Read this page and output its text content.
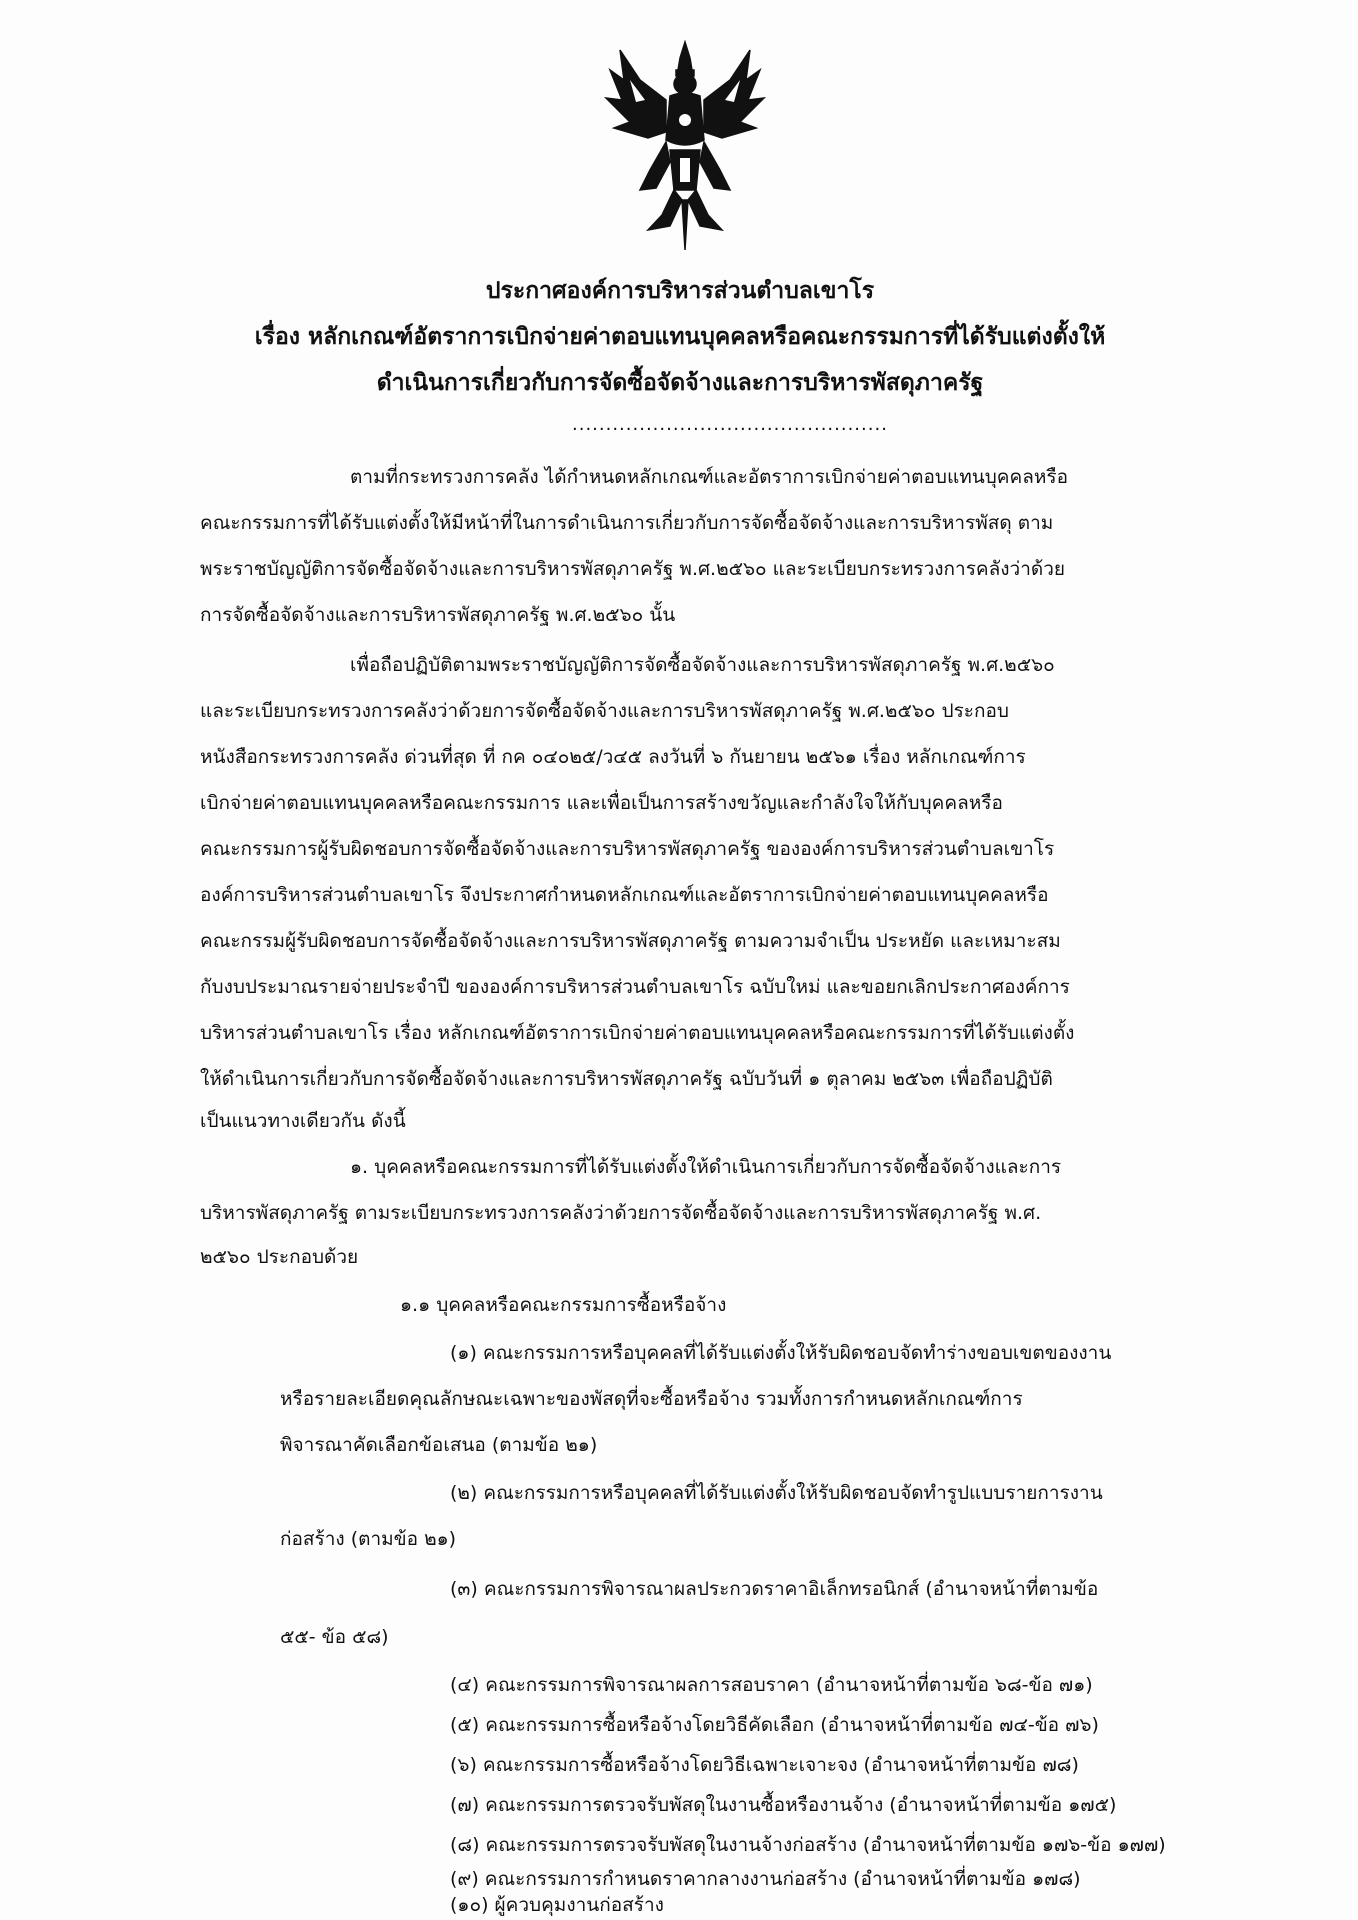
ประกาศองค์การบริหารส่วนตำบลเขาโร
เรื่อง หลักเกณฑ์อัตราการเบิกจ่ายค่าตอบแทนบุคคลหรือคณะกรรมการที่ได้รับแต่งตั้งให้
ดำเนินการเกี่ยวกับการจัดซื้อจัดจ้างและการบริหารพัสดุภาครัฐ
...............................................
ตามที่กระทรวงการคลัง ได้กำหนดหลักเกณฑ์และอัตราการเบิกจ่ายค่าตอบแทนบุคคลหรือ
คณะกรรมการที่ได้รับแต่งตั้งให้มีหน้าที่ในการดำเนินการเกี่ยวกับการจัดซื้อจัดจ้างและการบริหารพัสดุ ตาม
พระราชบัญญัติการจัดซื้อจัดจ้างและการบริหารพัสดุภาครัฐ พ.ศ.๒๕๖๐ และระเบียบกระทรวงการคลังว่าด้วย
การจัดซื้อจัดจ้างและการบริหารพัสดุภาครัฐ พ.ศ.๒๕๖๐ นั้น
เพื่อถือปฏิบัติตามพระราชบัญญัติการจัดซื้อจัดจ้างและการบริหารพัสดุภาครัฐ พ.ศ.๒๕๖๐
และระเบียบกระทรวงการคลังว่าด้วยการจัดซื้อจัดจ้างและการบริหารพัสดุภาครัฐ พ.ศ.๒๕๖๐ ประกอบ
หนังสือกระทรวงการคลัง ด่วนที่สุด ที่ กค ๐๔๐๒๕/ว๔๕ ลงวันที่ ๖ กันยายน ๒๕๖๑ เรื่อง หลักเกณฑ์การ
เบิกจ่ายค่าตอบแทนบุคคลหรือคณะกรรมการ และเพื่อเป็นการสร้างขวัญและกำลังใจให้กับบุคคลหรือ
คณะกรรมการผู้รับผิดชอบการจัดซื้อจัดจ้างและการบริหารพัสดุภาครัฐ ขององค์การบริหารส่วนตำบลเขาโร
องค์การบริหารส่วนตำบลเขาโร จึงประกาศกำหนดหลักเกณฑ์และอัตราการเบิกจ่ายค่าตอบแทนบุคคลหรือ
คณะกรรมผู้รับผิดชอบการจัดซื้อจัดจ้างและการบริหารพัสดุภาครัฐ ตามความจำเป็น ประหยัด และเหมาะสม
กับงบประมาณรายจ่ายประจำปี ขององค์การบริหารส่วนตำบลเขาโร ฉบับใหม่ และขอยกเลิกประกาศองค์การ
บริหารส่วนตำบลเขาโร เรื่อง หลักเกณฑ์อัตราการเบิกจ่ายค่าตอบแทนบุคคลหรือคณะกรรมการที่ได้รับแต่งตั้ง
ให้ดำเนินการเกี่ยวกับการจัดซื้อจัดจ้างและการบริหารพัสดุภาครัฐ ฉบับวันที่ ๑ ตุลาคม ๒๕๖๓ เพื่อถือปฏิบัติ
เป็นแนวทางเดียวกัน ดังนี้
๑. บุคคลหรือคณะกรรมการที่ได้รับแต่งตั้งให้ดำเนินการเกี่ยวกับการจัดซื้อจัดจ้างและการ
บริหารพัสดุภาครัฐ ตามระเบียบกระทรวงการคลังว่าด้วยการจัดซื้อจัดจ้างและการบริหารพัสดุภาครัฐ พ.ศ.
๒๕๖๐ ประกอบด้วย
๑.๑ บุคคลหรือคณะกรรมการซื้อหรือจ้าง
(๑) คณะกรรมการหรือบุคคลที่ได้รับแต่งตั้งให้รับผิดชอบจัดทำร่างขอบเขตของงาน
หรือรายละเอียดคุณลักษณะเฉพาะของพัสดุที่จะซื้อหรือจ้าง รวมทั้งการกำหนดหลักเกณฑ์การ
พิจารณาคัดเลือกข้อเสนอ (ตามข้อ ๒๑)
(๒) คณะกรรมการหรือบุคคลที่ได้รับแต่งตั้งให้รับผิดชอบจัดทำรูปแบบรายการงาน
ก่อสร้าง (ตามข้อ ๒๑)
(๓) คณะกรรมการพิจารณาผลประกวดราคาอิเล็กทรอนิกส์ (อำนาจหน้าที่ตามข้อ
๕๕- ข้อ ๕๘)
(๔) คณะกรรมการพิจารณาผลการสอบราคา (อำนาจหน้าที่ตามข้อ ๖๘-ข้อ ๗๑)
(๕) คณะกรรมการซื้อหรือจ้างโดยวิธีคัดเลือก (อำนาจหน้าที่ตามข้อ ๗๔-ข้อ ๗๖)
(๖) คณะกรรมการซื้อหรือจ้างโดยวิธีเฉพาะเจาะจง (อำนาจหน้าที่ตามข้อ ๗๘)
(๗) คณะกรรมการตรวจรับพัสดุในงานซื้อหรืองานจ้าง (อำนาจหน้าที่ตามข้อ ๑๗๕)
(๘) คณะกรรมการตรวจรับพัสดุในงานจ้างก่อสร้าง (อำนาจหน้าที่ตามข้อ ๑๗๖-ข้อ ๑๗๗)
(๙) คณะกรรมการกำหนดราคากลางงานก่อสร้าง (อำนาจหน้าที่ตามข้อ ๑๗๘)
(๑๐) ผู้ควบคุมงานก่อสร้าง
